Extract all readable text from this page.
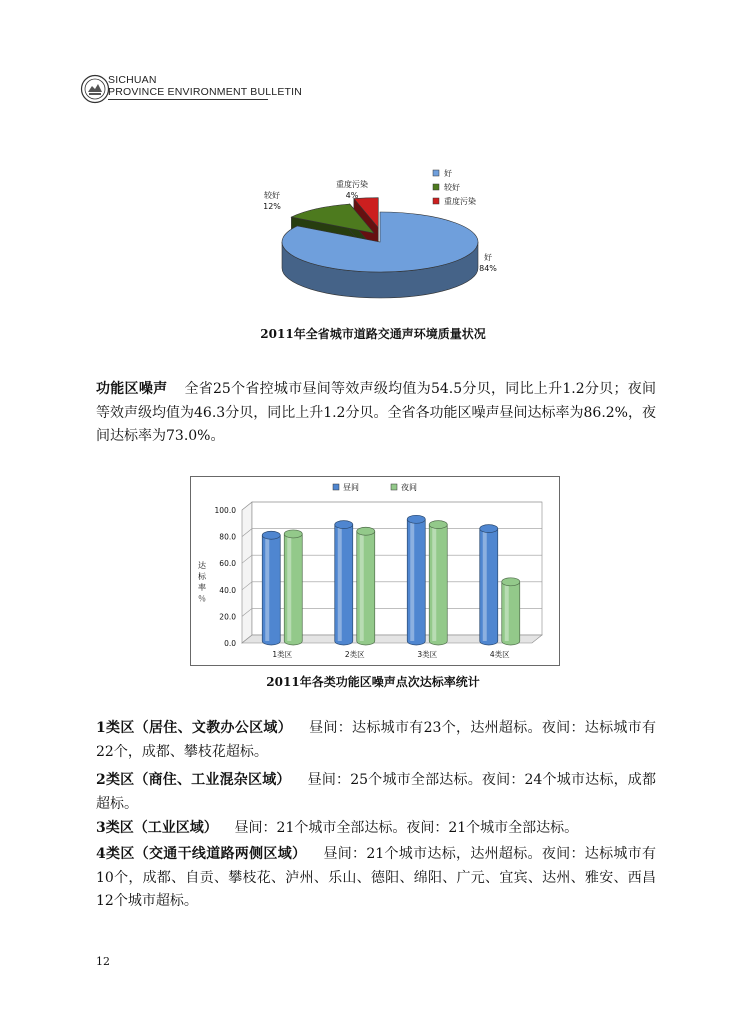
SICHUAN
PROVINCE ENVIRONMENT BULLETIN
好
84%
较好
12%
重度污染
4%
好
较好
重度污染
2011年全省城市道路交通声环境质量状况
功能区噪声 全省25个省控城市昼间等效声级均值为54.5分贝，同比上升1.2分贝；夜间等效声级均值为46.3分贝，同比上升1.2分贝。全省各功能区噪声昼间达标率为86.2%，夜间达标率为73.0%。
0.0
20.0
40.0
60.0
80.0
100.0
达
标
率
％
1类区	2类区	3类区	4类区
昼间	夜间
2011年各类功能区噪声点次达标率统计
1类区（居住、文教办公区域） 昼间：达标城市有23个，达州超标。夜间：达标城市有22个，成都、攀枝花超标。
2类区（商住、工业混杂区域） 昼间：25个城市全部达标。夜间：24个城市达标，成都超标。
3类区（工业区域） 昼间：21个城市全部达标。夜间：21个城市全部达标。
4类区（交通干线道路两侧区域） 昼间：21个城市达标，达州超标。夜间：达标城市有10个，成都、自贡、攀枝花、泸州、乐山、德阳、绵阳、广元、宜宾、达州、雅安、西昌12个城市超标。
12
